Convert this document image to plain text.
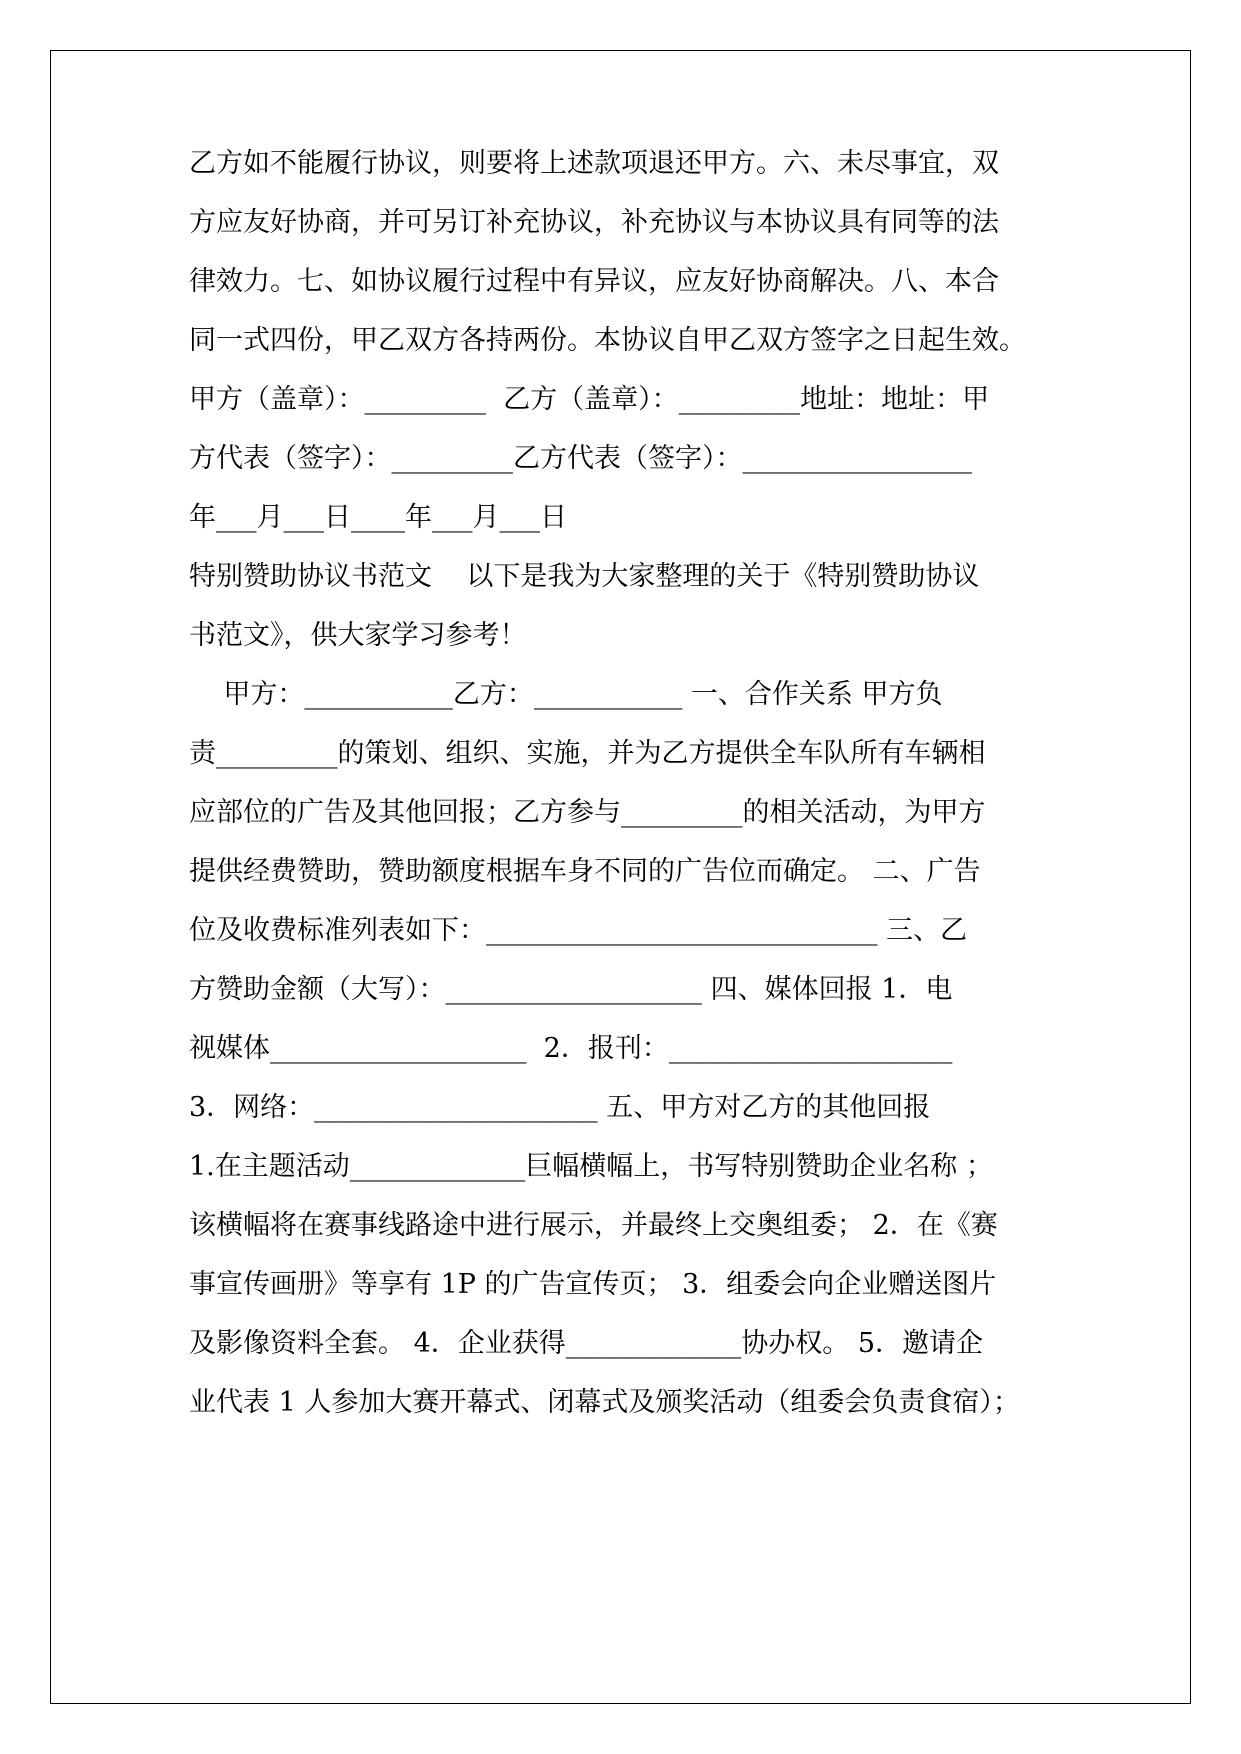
乙方如不能履行协议，则要将上述款项退还甲方。六、未尽事宜，双

方应友好协商，并可另订补充协议，补充协议与本协议具有同等的法

律效力。七、如协议履行过程中有异议，应友好协商解决。八、本合

同一式四份，甲乙双方各持两份。本协议自甲乙双方签字之日起生效。

甲方（盖章）：_________  乙方（盖章）：_________地址：地址：甲

方代表（签字）：_________乙方代表（签字）：_________________

年___月___日____年___月___日

特别赞助协议书范文    以下是我为大家整理的关于《特别赞助协议

书范文》，供大家学习参考！

甲方：___________乙方：___________ 一、合作关系 甲方负

责_________的策划、组织、实施，并为乙方提供全车队所有车辆相

应部位的广告及其他回报；乙方参与_________的相关活动，为甲方

提供经费赞助，赞助额度根据车身不同的广告位而确定。 二、广告

位及收费标准列表如下：_____________________________ 三、乙

方赞助金额（大写）：___________________ 四、媒体回报 1．电

视媒体___________________  2．报刊：_____________________

3．网络：_____________________ 五、甲方对乙方的其他回报

1.在主题活动_____________巨幅横幅上，书写特别赞助企业名称 ；

该横幅将在赛事线路途中进行展示，并最终上交奥组委； 2．在《赛

事宣传画册》等享有 1P 的广告宣传页； 3．组委会向企业赠送图片

及影像资料全套。 4．企业获得_____________协办权。 5．邀请企

业代表 1 人参加大赛开幕式、闭幕式及颁奖活动（组委会负责食宿）；
